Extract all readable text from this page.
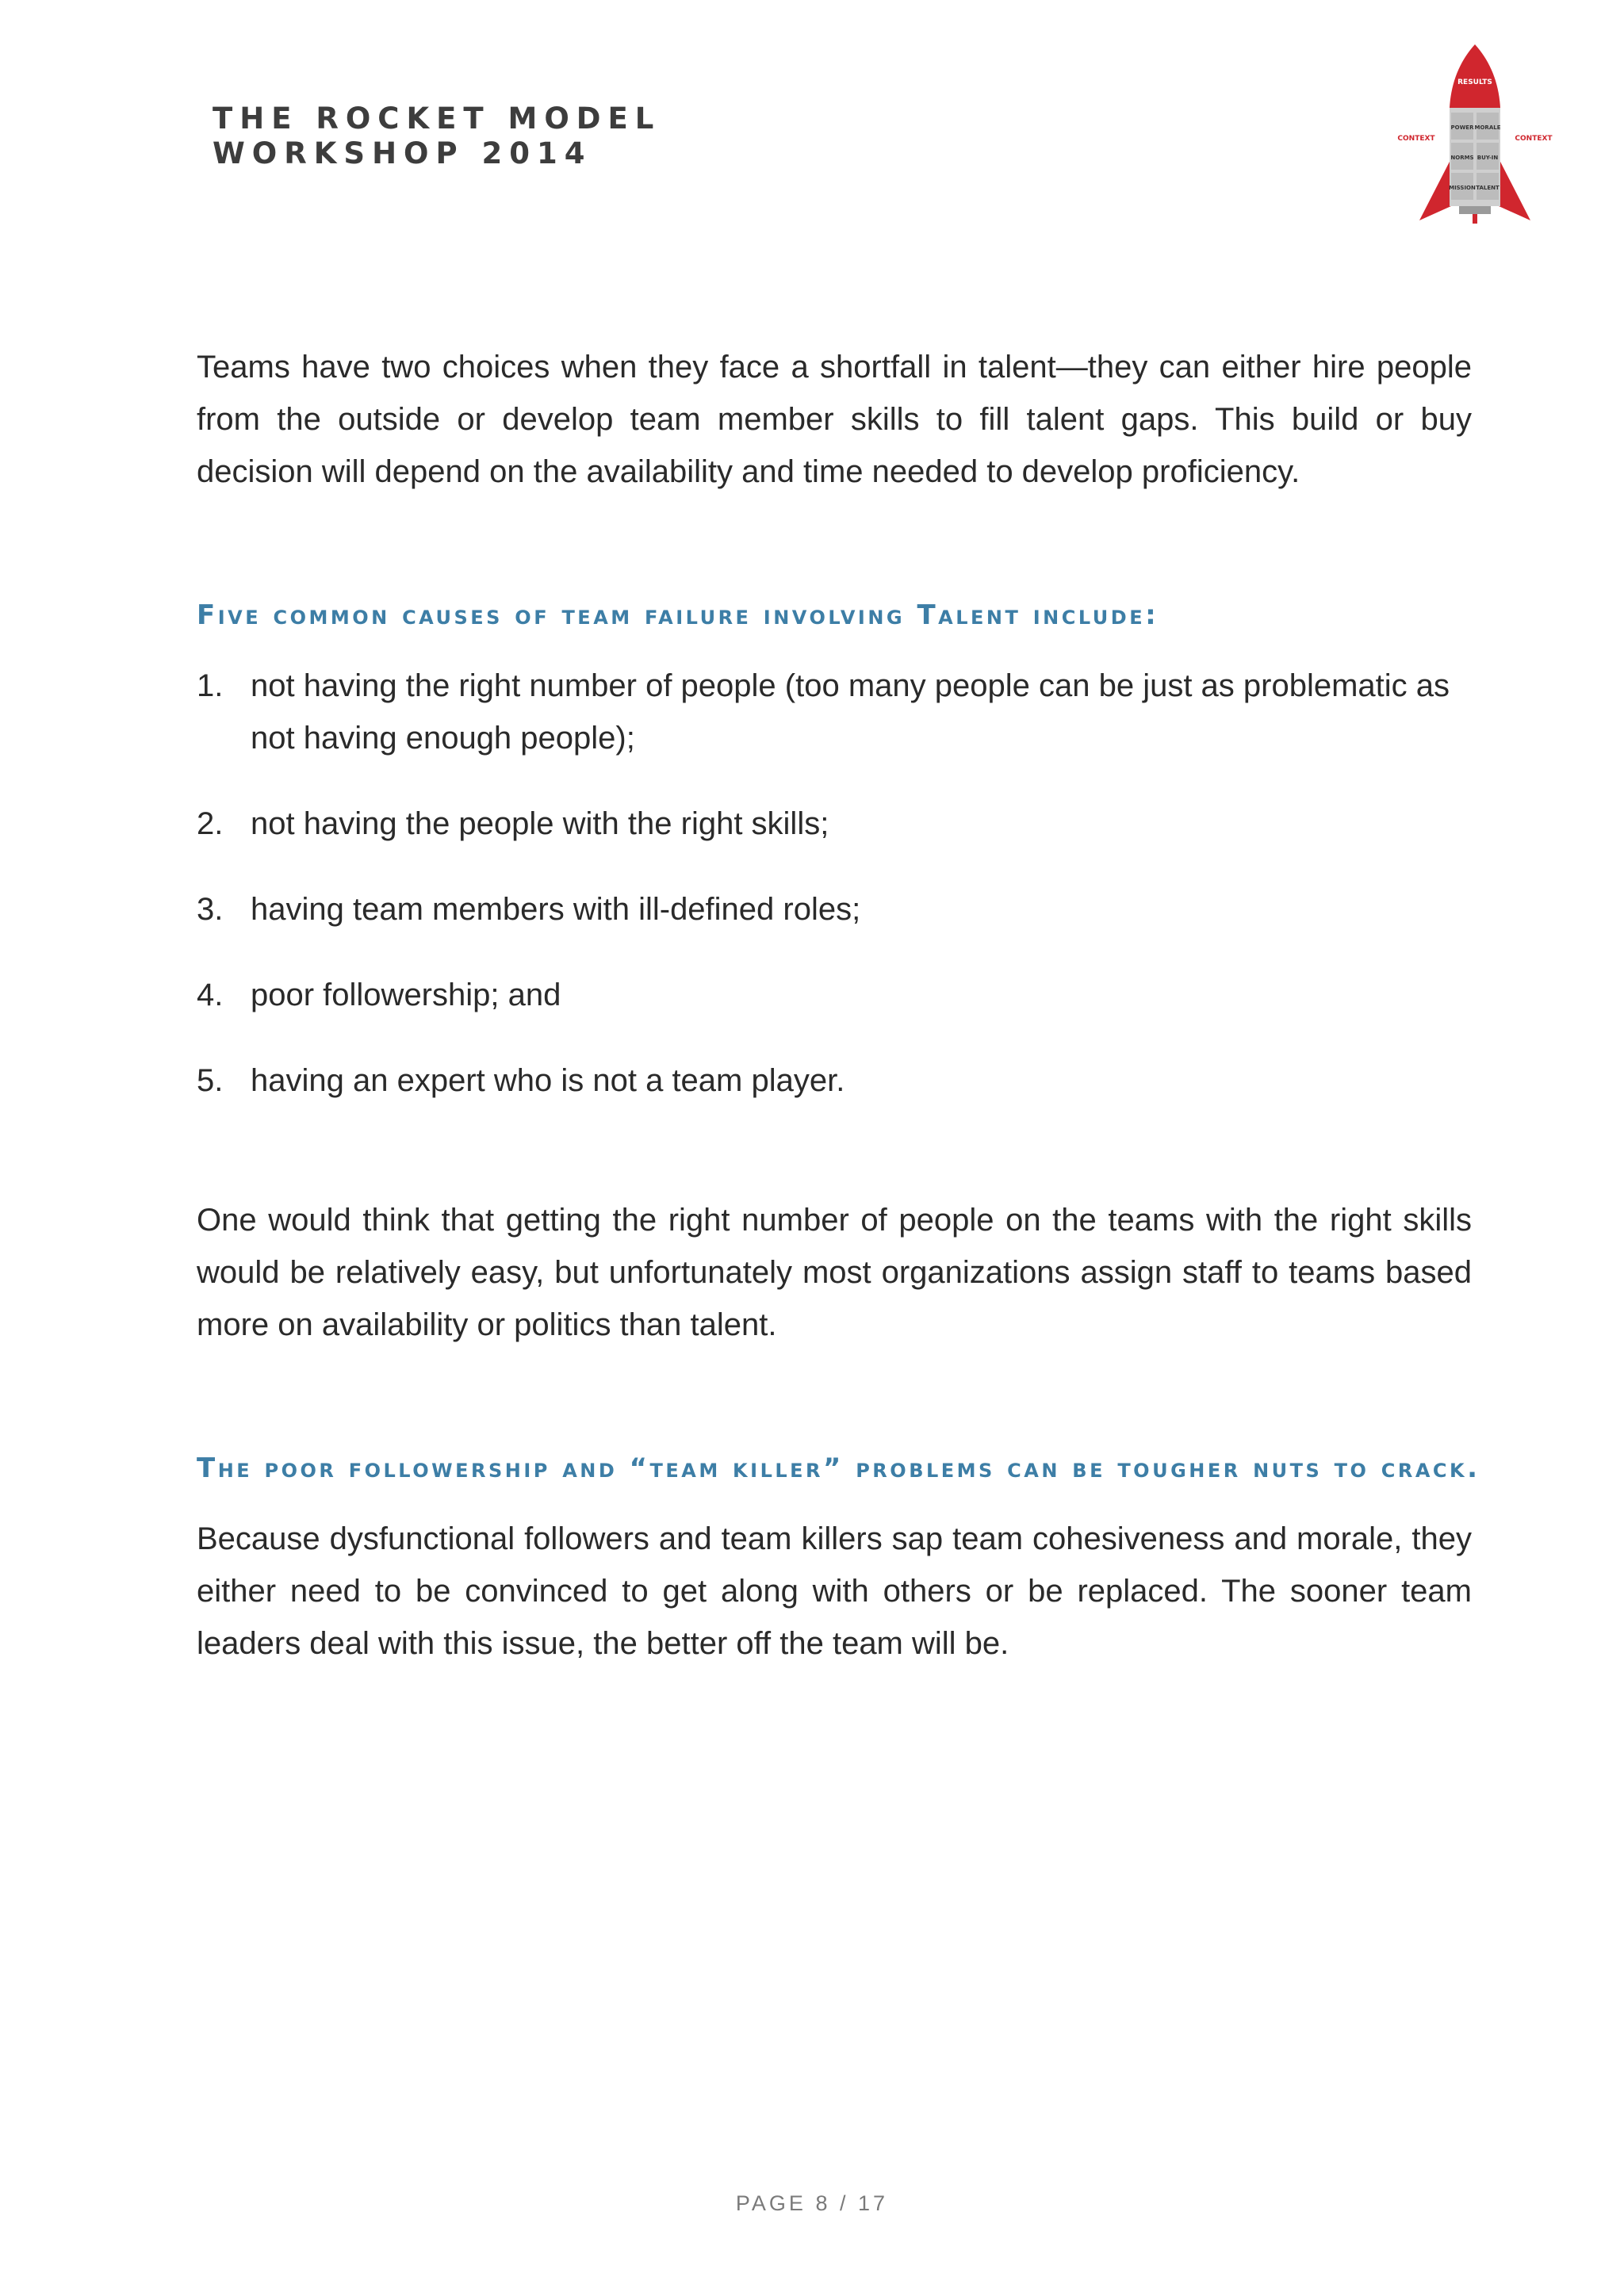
THE ROCKET MODEL
WORKSHOP 2014
RESULTS
POWER MORALE
NORMS BUY-IN
MISSION TALENT
CONTEXT	CONTEXT

Teams have two choices when they face a shortfall in talent—they can either hire people from the outside or develop team member skills to fill talent gaps. This build or buy decision will depend on the availability and time needed to develop proficiency.

Five common causes of team failure involving Talent include:
1. not having the right number of people (too many people can be just as problematic as not having enough people);
2. not having the people with the right skills;
3. having team members with ill-defined roles;
4. poor followership; and
5. having an expert who is not a team player.

One would think that getting the right number of people on the teams with the right skills would be relatively easy, but unfortunately most organizations assign staff to teams based more on availability or politics than talent.

The poor followership and “team killer” problems can be tougher nuts to crack.

Because dysfunctional followers and team killers sap team cohesiveness and morale, they either need to be convinced to get along with others or be replaced. The sooner team leaders deal with this issue, the better off the team will be.

PAGE 8 / 17
